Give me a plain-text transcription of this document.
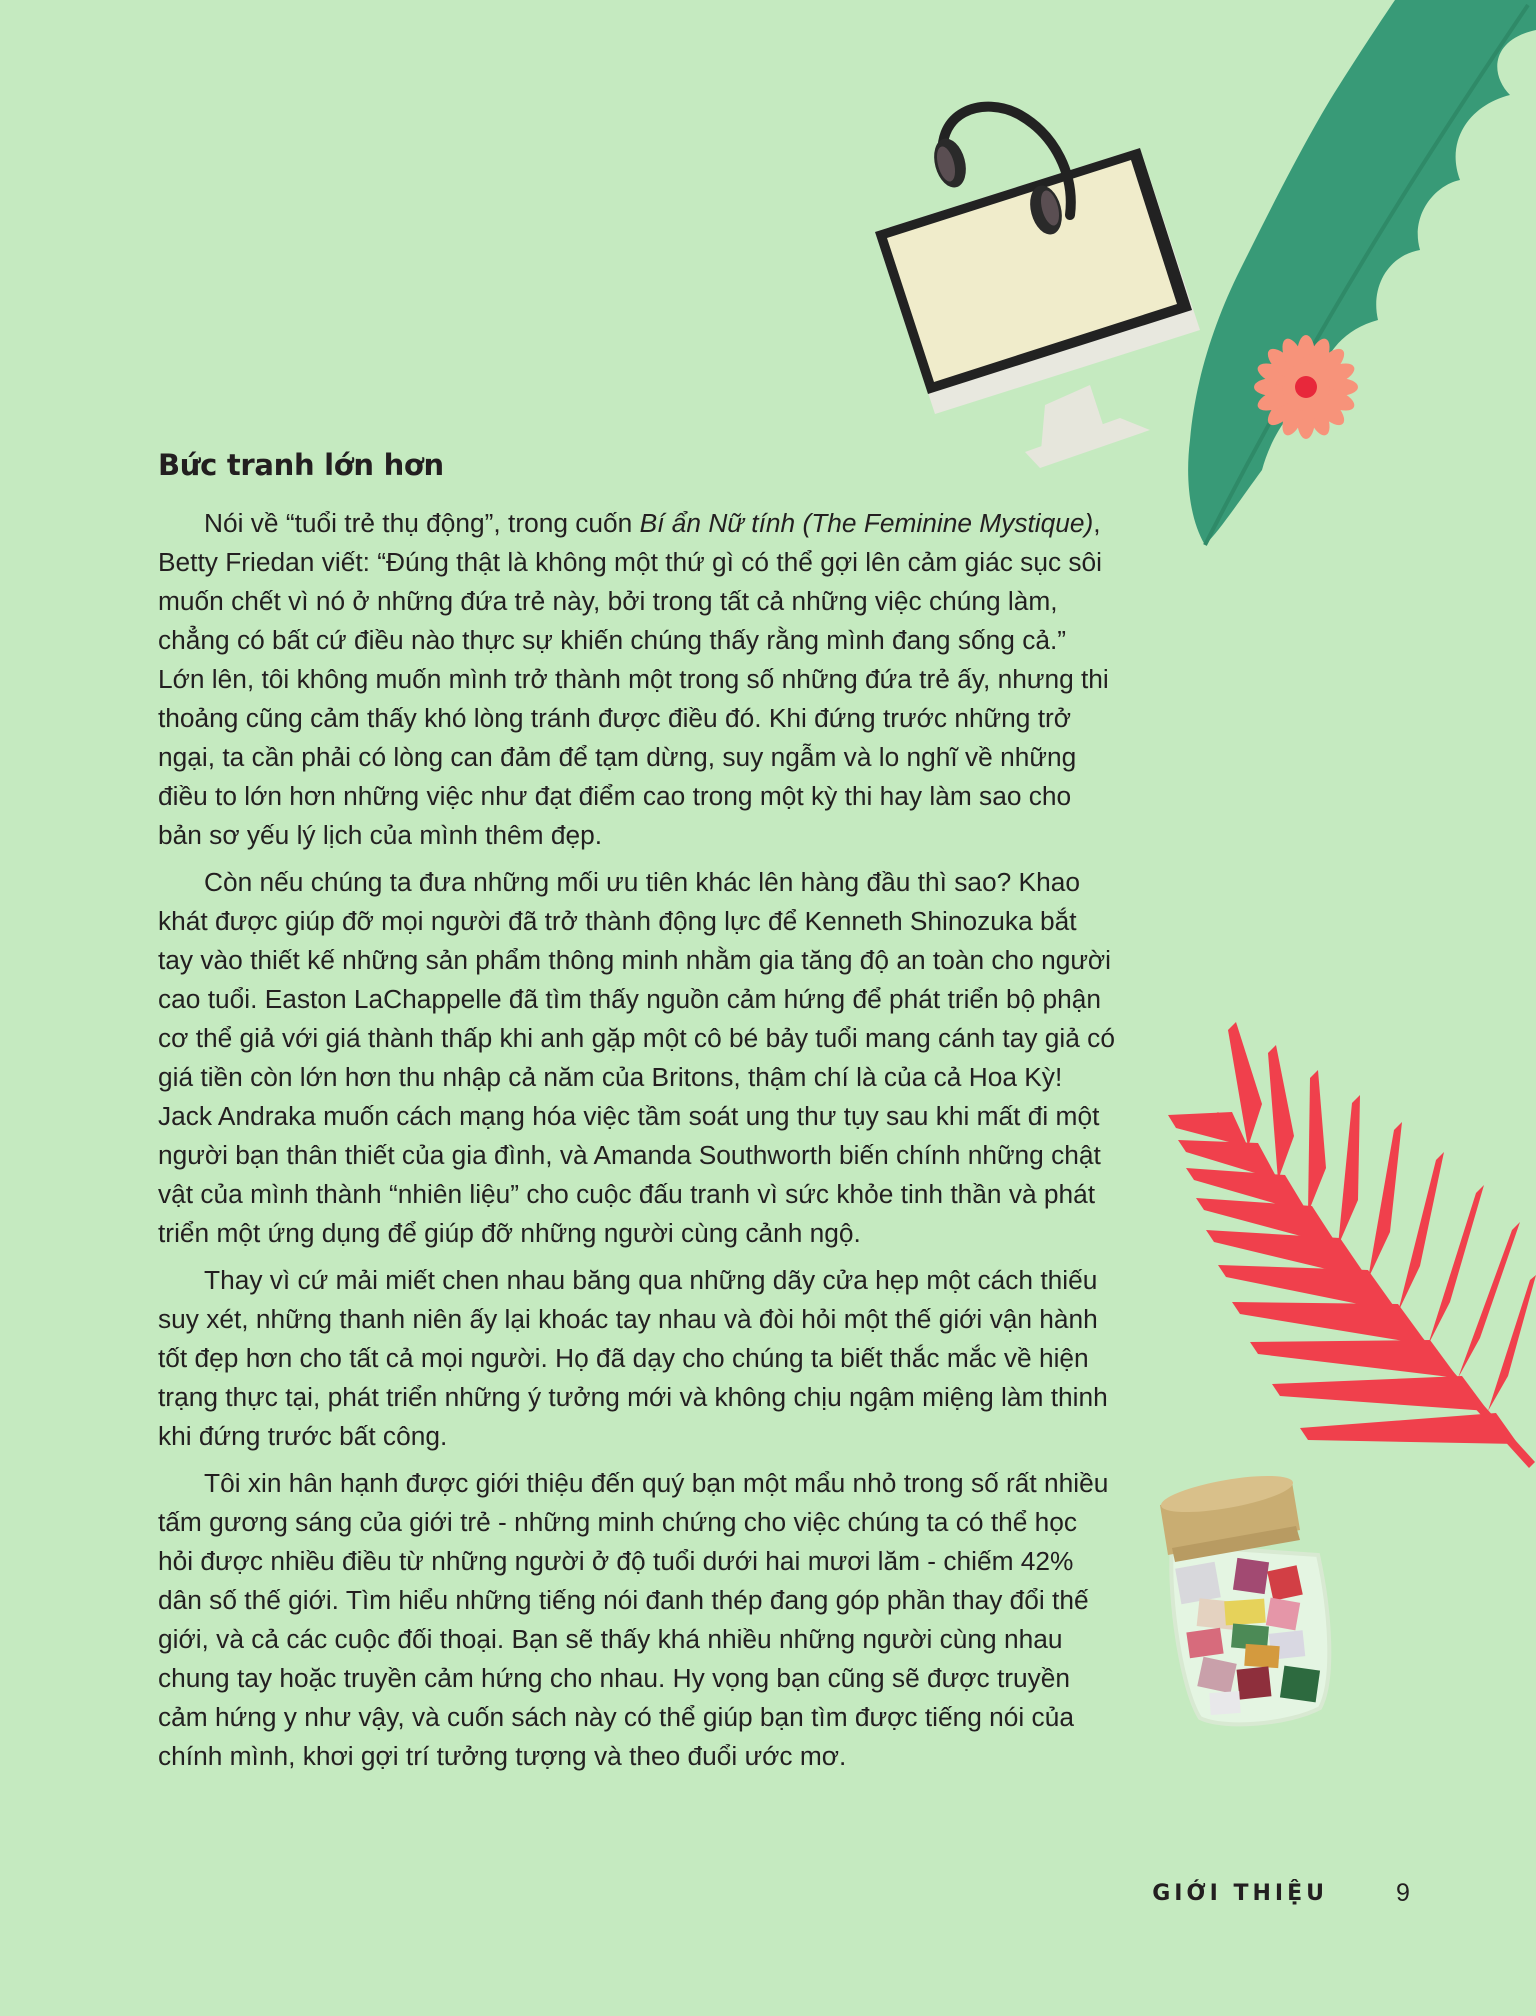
Bức tranh lớn hơn

Nói về “tuổi trẻ thụ động”, trong cuốn Bí ẩn Nữ tính (The Feminine Mystique), Betty Friedan viết: “Đúng thật là không một thứ gì có thể gợi lên cảm giác sục sôi muốn chết vì nó ở những đứa trẻ này, bởi trong tất cả những việc chúng làm, chẳng có bất cứ điều nào thực sự khiến chúng thấy rằng mình đang sống cả.” Lớn lên, tôi không muốn mình trở thành một trong số những đứa trẻ ấy, nhưng thi thoảng cũng cảm thấy khó lòng tránh được điều đó. Khi đứng trước những trở ngại, ta cần phải có lòng can đảm để tạm dừng, suy ngẫm và lo nghĩ về những điều to lớn hơn những việc như đạt điểm cao trong một kỳ thi hay làm sao cho bản sơ yếu lý lịch của mình thêm đẹp.

Còn nếu chúng ta đưa những mối ưu tiên khác lên hàng đầu thì sao? Khao khát được giúp đỡ mọi người đã trở thành động lực để Kenneth Shinozuka bắt tay vào thiết kế những sản phẩm thông minh nhằm gia tăng độ an toàn cho người cao tuổi. Easton LaChappelle đã tìm thấy nguồn cảm hứng để phát triển bộ phận cơ thể giả với giá thành thấp khi anh gặp một cô bé bảy tuổi mang cánh tay giả có giá tiền còn lớn hơn thu nhập cả năm của Britons, thậm chí là của cả Hoa Kỳ! Jack Andraka muốn cách mạng hóa việc tầm soát ung thư tụy sau khi mất đi một người bạn thân thiết của gia đình, và Amanda Southworth biến chính những chật vật của mình thành “nhiên liệu” cho cuộc đấu tranh vì sức khỏe tinh thần và phát triển một ứng dụng để giúp đỡ những người cùng cảnh ngộ.

Thay vì cứ mải miết chen nhau băng qua những dãy cửa hẹp một cách thiếu suy xét, những thanh niên ấy lại khoác tay nhau và đòi hỏi một thế giới vận hành tốt đẹp hơn cho tất cả mọi người. Họ đã dạy cho chúng ta biết thắc mắc về hiện trạng thực tại, phát triển những ý tưởng mới và không chịu ngậm miệng làm thinh khi đứng trước bất công.

Tôi xin hân hạnh được giới thiệu đến quý bạn một mẩu nhỏ trong số rất nhiều tấm gương sáng của giới trẻ - những minh chứng cho việc chúng ta có thể học hỏi được nhiều điều từ những người ở độ tuổi dưới hai mươi lăm - chiếm 42% dân số thế giới. Tìm hiểu những tiếng nói đanh thép đang góp phần thay đổi thế giới, và cả các cuộc đối thoại. Bạn sẽ thấy khá nhiều những người cùng nhau chung tay hoặc truyền cảm hứng cho nhau. Hy vọng bạn cũng sẽ được truyền cảm hứng y như vậy, và cuốn sách này có thể giúp bạn tìm được tiếng nói của chính mình, khơi gợi trí tưởng tượng và theo đuổi ước mơ.

GIỚI THIỆU	9
